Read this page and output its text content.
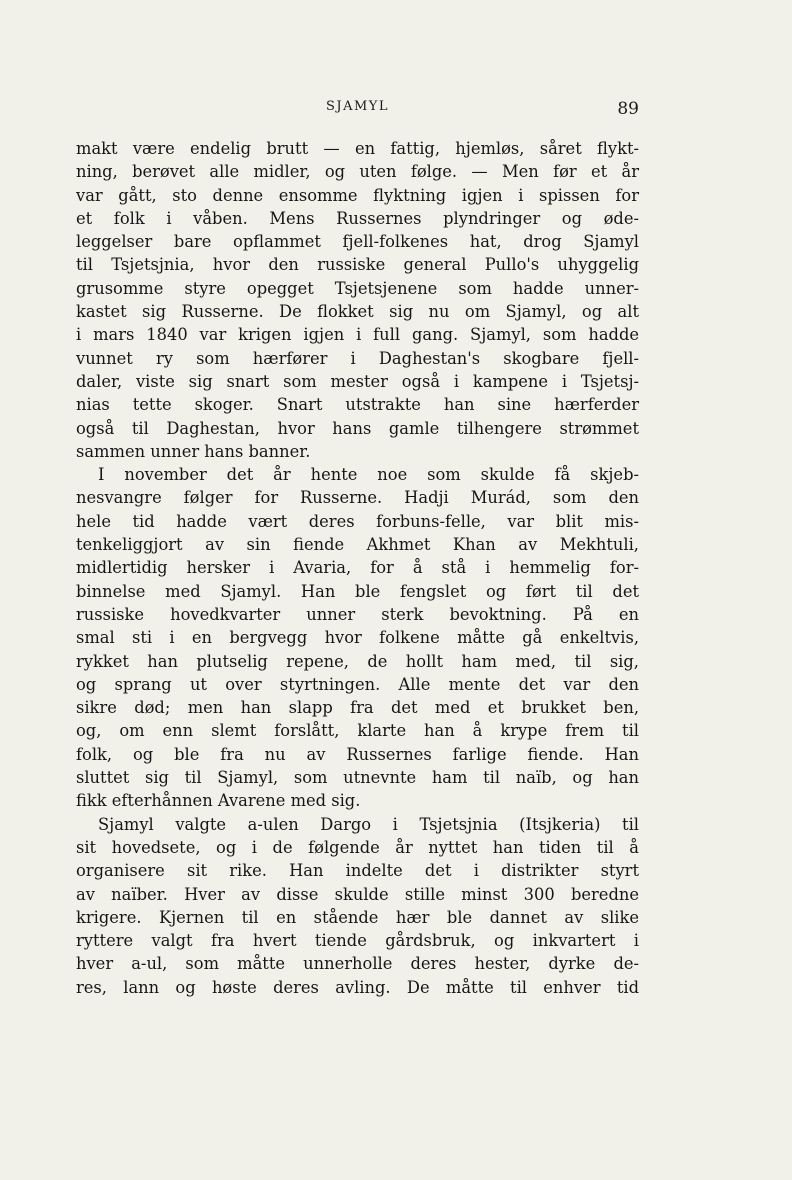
SJAMYL	89
makt være endelig brutt — en fattig, hjemløs, såret flykt-
ning, berøvet alle midler, og uten følge. — Men før et år
var gått, sto denne ensomme flyktning igjen i spissen for
et folk i våben. Mens Russernes plyndringer og øde-
leggelser bare opflammet fjell-folkenes hat, drog Sjamyl
til Tsjetsjnia, hvor den russiske general Pullo's uhyggelig
grusomme styre opegget Tsjetsjenene som hadde unner-
kastet sig Russerne. De flokket sig nu om Sjamyl, og alt
i mars 1840 var krigen igjen i full gang. Sjamyl, som hadde
vunnet ry som hærfører i Daghestan's skogbare fjell-
daler, viste sig snart som mester også i kampene i Tsjetsj-
nias tette skoger. Snart utstrakte han sine hærferder
også til Daghestan, hvor hans gamle tilhengere strømmet
sammen unner hans banner.
I november det år hente noe som skulde få skjeb-
nesvangre følger for Russerne. Hadji Murád, som den
hele tid hadde vært deres forbuns-felle, var blit mis-
tenkeliggjort av sin fiende Akhmet Khan av Mekhtuli,
midlertidig hersker i Avaria, for å stå i hemmelig for-
binnelse med Sjamyl. Han ble fengslet og ført til det
russiske hovedkvarter unner sterk bevoktning. På en
smal sti i en bergvegg hvor folkene måtte gå enkeltvis,
rykket han plutselig repene, de hollt ham med, til sig,
og sprang ut over styrtningen. Alle mente det var den
sikre død; men han slapp fra det med et brukket ben,
og, om enn slemt forslått, klarte han å krype frem til
folk, og ble fra nu av Russernes farlige fiende. Han
sluttet sig til Sjamyl, som utnevnte ham til naïb, og han
fikk efterhånnen Avarene med sig.
Sjamyl valgte a-ulen Dargo i Tsjetsjnia (Itsjkeria) til
sit hovedsete, og i de følgende år nyttet han tiden til å
organisere sit rike. Han indelte det i distrikter styrt
av naïber. Hver av disse skulde stille minst 300 beredne
krigere. Kjernen til en stående hær ble dannet av slike
ryttere valgt fra hvert tiende gårdsbruk, og inkvartert i
hver a-ul, som måtte unnerholle deres hester, dyrke de-
res, lann og høste deres avling. De måtte til enhver tid
